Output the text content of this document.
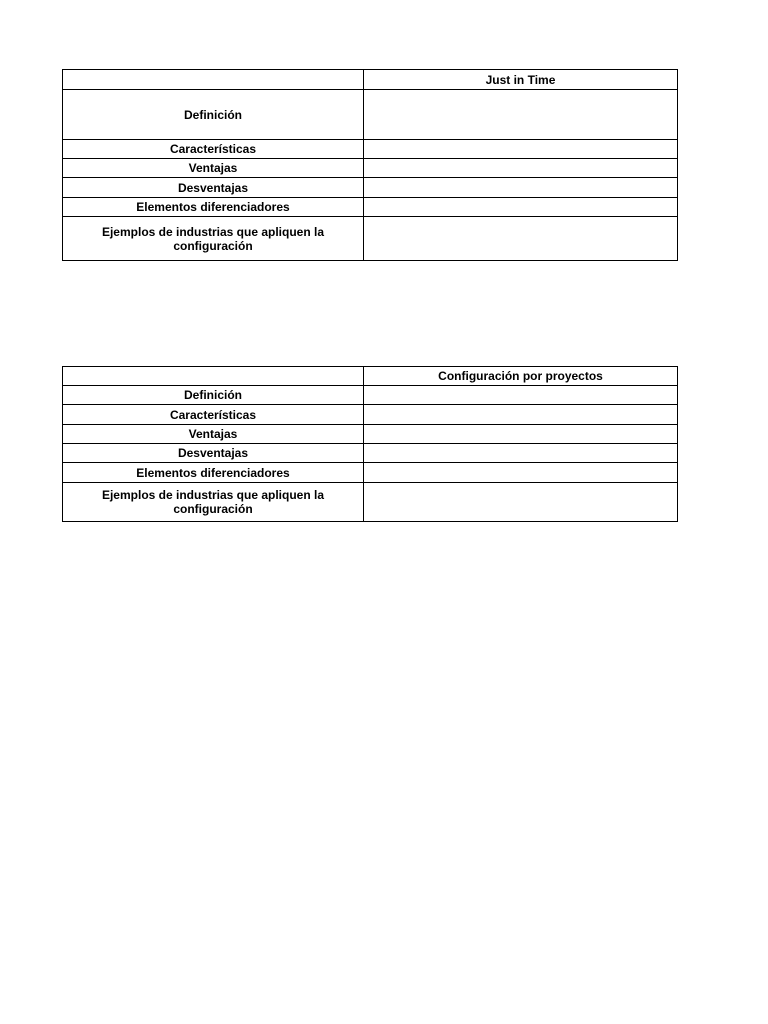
	Just in Time
Definición	
Características	
Ventajas	
Desventajas	
Elementos diferenciadores	
Ejemplos de industrias que apliquen la configuración	
	Configuración por proyectos
Definición	
Características	
Ventajas	
Desventajas	
Elementos diferenciadores	
Ejemplos de industrias que apliquen la configuración	
